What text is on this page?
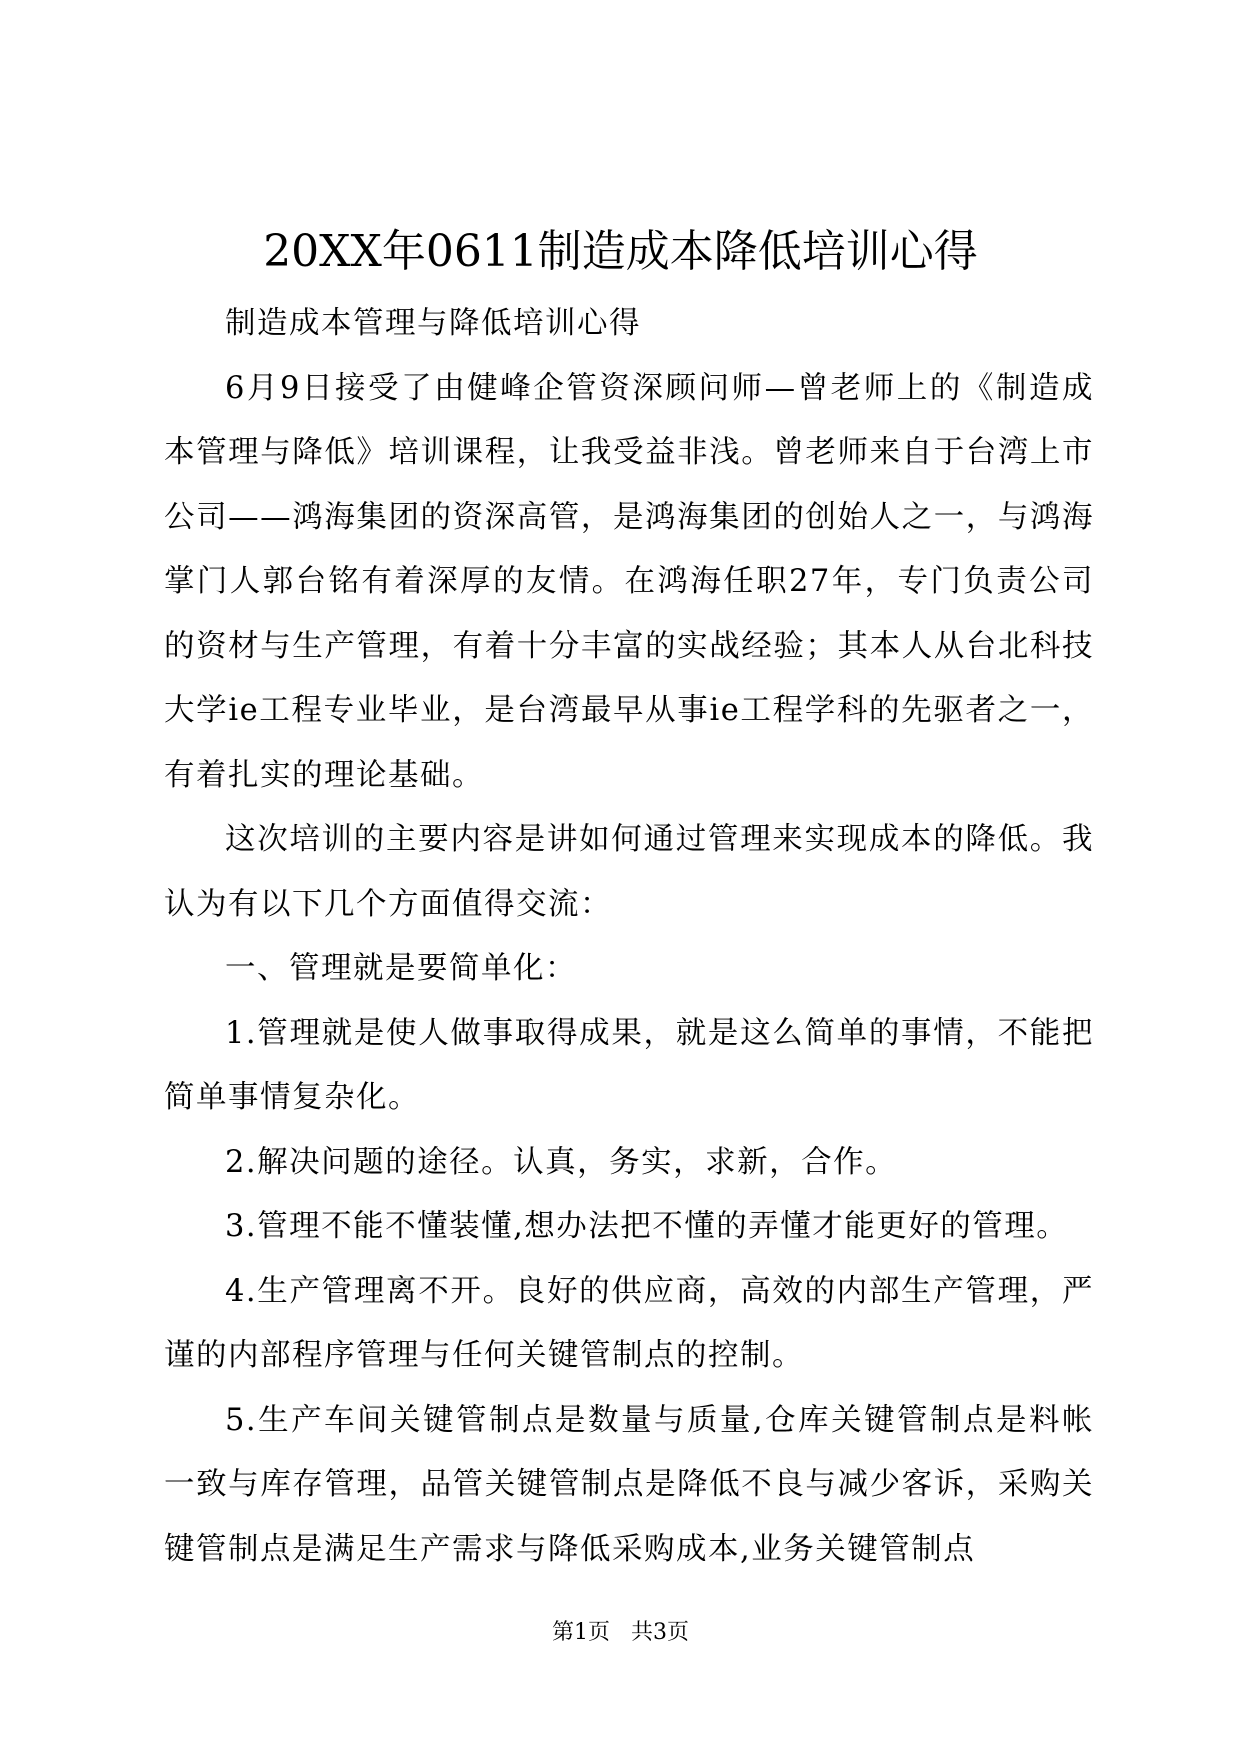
20XX年0611制造成本降低培训心得

制造成本管理与降低培训心得

6月9日接受了由健峰企管资深顾问师—曾老师上的《制造成本管理与降低》培训课程，让我受益非浅。曾老师来自于台湾上市公司——鸿海集团的资深高管，是鸿海集团的创始人之一，与鸿海掌门人郭台铭有着深厚的友情。在鸿海任职27年，专门负责公司的资材与生产管理，有着十分丰富的实战经验；其本人从台北科技大学ie工程专业毕业，是台湾最早从事ie工程学科的先驱者之一，有着扎实的理论基础。

这次培训的主要内容是讲如何通过管理来实现成本的降低。我认为有以下几个方面值得交流：

一、管理就是要简单化：

1.管理就是使人做事取得成果，就是这么简单的事情，不能把简单事情复杂化。

2.解决问题的途径。认真，务实，求新，合作。

3.管理不能不懂装懂,想办法把不懂的弄懂才能更好的管理。

4.生产管理离不开。良好的供应商，高效的内部生产管理，严谨的内部程序管理与任何关键管制点的控制。

5.生产车间关键管制点是数量与质量,仓库关键管制点是料帐一致与库存管理，品管关键管制点是降低不良与减少客诉，采购关键管制点是满足生产需求与降低采购成本,业务关键管制点

第1页 共3页
